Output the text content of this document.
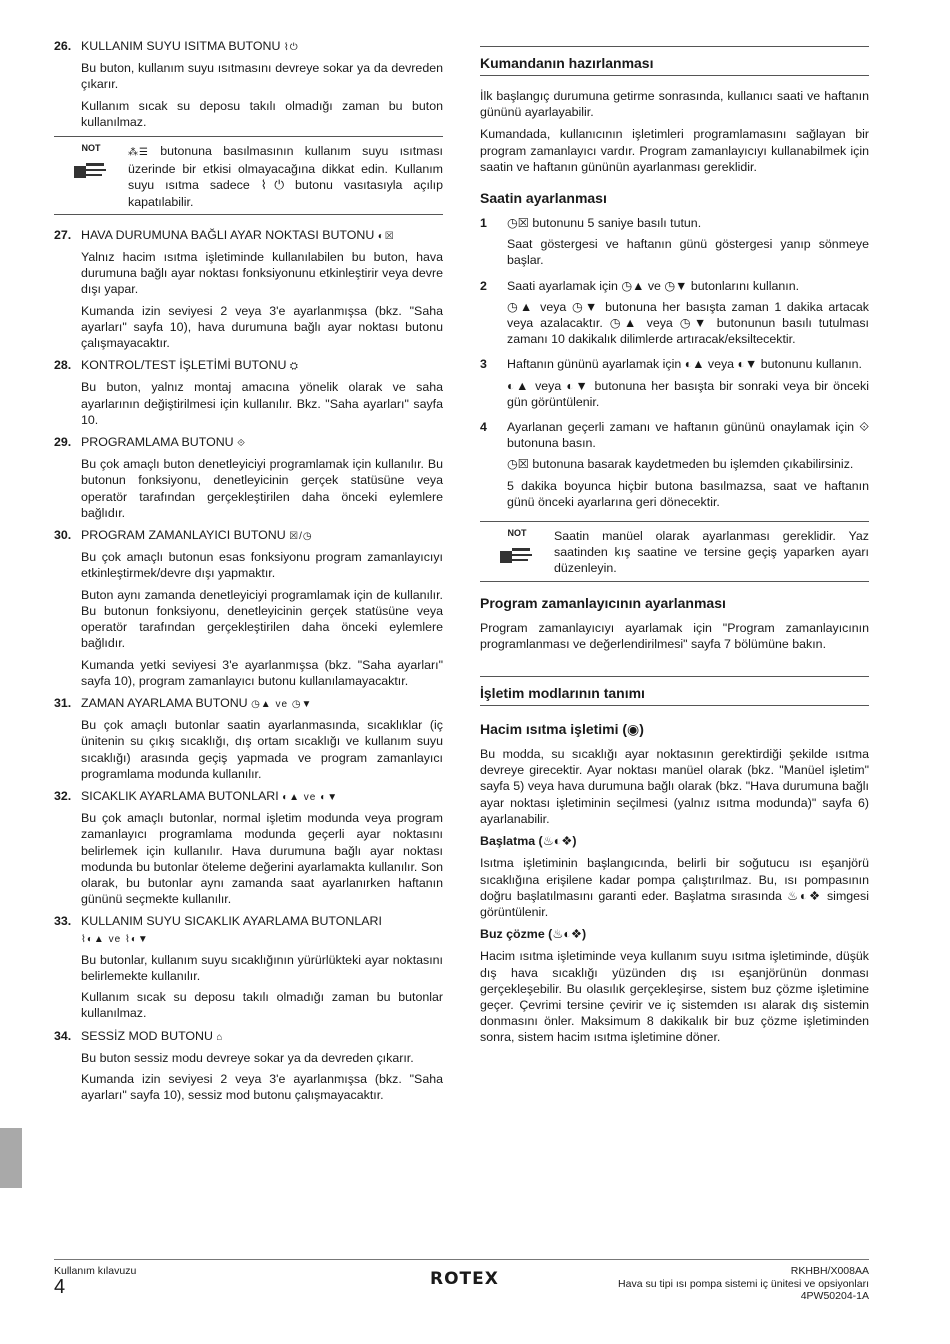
26. KULLANIM SUYU ISITMA BUTONU ⌇⏻

Bu buton, kullanım suyu ısıtmasını devreye sokar ya da devreden çıkarır.

Kullanım sıcak su deposu takılı olmadığı zaman bu buton kullanılmaz.

NOT	⁂☰ butonuna basılmasının kullanım suyu ısıtması üzerinde bir etkisi olmayacağına dikkat edin. Kullanım suyu ısıtma sadece ⌇⏻ butonu vasıtasıyla açılıp kapatılabilir.
27. HAVA DURUMUNA BAĞLI AYAR NOKTASI BUTONU ◐☒

Yalnız hacim ısıtma işletiminde kullanılabilen bu buton, hava durumuna bağlı ayar noktası fonksiyonunu etkinleştirir veya devre dışı yapar.

Kumanda izin seviyesi 2 veya 3'e ayarlanmışsa (bkz. "Saha ayarları" sayfa 10), hava durumuna bağlı ayar noktası butonu çalışmayacaktır.

28. KONTROL/TEST İŞLETİMİ BUTONU ⛭

Bu buton, yalnız montaj amacına yönelik olarak ve saha ayarlarının değiştirilmesi için kullanılır. Bkz. "Saha ayarları" sayfa 10.

29. PROGRAMLAMA BUTONU ⟐

Bu çok amaçlı buton denetleyiciyi programlamak için kullanılır. Bu butonun fonksiyonu, denetleyicinin gerçek statüsüne veya operatör tarafından gerçekleştirilen daha önceki eylemlere bağlıdır.

30. PROGRAM ZAMANLAYICI BUTONU ☒/◷

Bu çok amaçlı butonun esas fonksiyonu program zamanlayıcıyı etkinleştirmek/devre dışı yapmaktır.

Buton aynı zamanda denetleyiciyi programlamak için de kullanılır. Bu butonun fonksiyonu, denetleyicinin gerçek statüsüne veya operatör tarafından gerçekleştirilen daha önceki eylemlere bağlıdır.

Kumanda yetki seviyesi 3'e ayarlanmışsa (bkz. "Saha ayarları" sayfa 10), program zamanlayıcı butonu kullanılamayacaktır.

31. ZAMAN AYARLAMA BUTONU ◷▲ ve ◷▼

Bu çok amaçlı butonlar saatin ayarlanmasında, sıcaklıklar (iç ünitenin su çıkış sıcaklığı, dış ortam sıcaklığı ve kullanım suyu sıcaklığı) arasında geçiş yapmada ve program zamanlayıcı programlama modunda kullanılır.

32. SICAKLIK AYARLAMA BUTONLARI ◐▲ ve ◐▼

Bu çok amaçlı butonlar, normal işletim modunda veya program zamanlayıcı programlama modunda geçerli ayar noktasını belirlemek için kullanılır. Hava durumuna bağlı ayar noktası modunda bu butonlar öteleme değerini ayarlamakta kullanılır. Son olarak, bu butonlar aynı zamanda saat ayarlanırken haftanın gününü seçmekte kullanılır.

33. KULLANIM SUYU SICAKLIK AYARLAMA BUTONLARI ⌇◐▲ ve ⌇◐▼

Bu butonlar, kullanım suyu sıcaklığının yürürlükteki ayar noktasını belirlemekte kullanılır.

Kullanım sıcak su deposu takılı olmadığı zaman bu butonlar kullanılmaz.

34. SESSİZ MOD BUTONU ⌂

Bu buton sessiz modu devreye sokar ya da devreden çıkarır.

Kumanda izin seviyesi 2 veya 3'e ayarlanmışsa (bkz. "Saha ayarları" sayfa 10), sessiz mod butonu çalışmayacaktır.

Kumandanın hazırlanması

İlk başlangıç durumuna getirme sonrasında, kullanıcı saati ve haftanın gününü ayarlayabilir.

Kumandada, kullanıcının işletimleri programlamasını sağlayan bir program zamanlayıcı vardır. Program zamanlayıcıyı kullanabilmek için saatin ve haftanın gününün ayarlanması gereklidir.

Saatin ayarlanması
1	◷☒ butonunu 5 saniye basılı tutun.

Saat göstergesi ve haftanın günü göstergesi yanıp sönmeye başlar.

2	Saati ayarlamak için ◷▲ ve ◷▼ butonlarını kullanın.

◷▲ veya ◷▼ butonuna her basışta zaman 1 dakika artacak veya azalacaktır. ◷▲ veya ◷▼ butonunun basılı tutulması zamanı 10 dakikalık dilimlerde artıracak/eksiltecektir.

3	Haftanın gününü ayarlamak için ◐▲ veya ◐▼ butonunu kullanın.

◐▲ veya ◐▼ butonuna her basışta bir sonraki veya bir önceki gün görüntülenir.

4	Ayarlanan geçerli zamanı ve haftanın gününü onaylamak için ⟐ butonuna basın.

◷☒ butonuna basarak kaydetmeden bu işlemden çıkabilirsiniz.

5 dakika boyunca hiçbir butona basılmazsa, saat ve haftanın günü önceki ayarlarına geri dönecektir.

NOT	Saatin manüel olarak ayarlanması gereklidir. Yaz saatinden kış saatine ve tersine geçiş yaparken ayarı düzenleyin.
Program zamanlayıcının ayarlanması

Program zamanlayıcıyı ayarlamak için "Program zamanlayıcının programlanması ve değerlendirilmesi" sayfa 7 bölümüne bakın.

İşletim modlarının tanımı
Hacim ısıtma işletimi (◉)

Bu modda, su sıcaklığı ayar noktasının gerektirdiği şekilde ısıtma devreye girecektir. Ayar noktası manüel olarak (bkz. "Manüel işletim" sayfa 5) veya hava durumuna bağlı olarak (bkz. "Hava durumuna bağlı ayar noktası işletiminin seçilmesi (yalnız ısıtma modunda)" sayfa 6) ayarlanabilir.

Başlatma (♨◐❖)

Isıtma işletiminin başlangıcında, belirli bir soğutucu ısı eşanjörü sıcaklığına erişilene kadar pompa çalıştırılmaz. Bu, ısı pompasının doğru başlatılmasını garanti eder. Başlatma sırasında ♨◐❖ simgesi görüntülenir.

Buz çözme (♨◐❖)

Hacim ısıtma işletiminde veya kullanım suyu ısıtma işletiminde, düşük dış hava sıcaklığı yüzünden dış ısı eşanjörünün donması gerçekleşebilir. Bu olasılık gerçekleşirse, sistem buz çözme işletimine geçer. Çevrimi tersine çevirir ve iç sistemden ısı alarak dış sistemin donmasını önler. Maksimum 8 dakikalık bir buz çözme işletiminden sonra, sistem hacim ısıtma işletimine döner.

Kullanım kılavuzu
4	ROTEX	RKHBH/X008AA
Hava su tipi ısı pompa sistemi iç ünitesi ve opsiyonları
4PW50204-1A
